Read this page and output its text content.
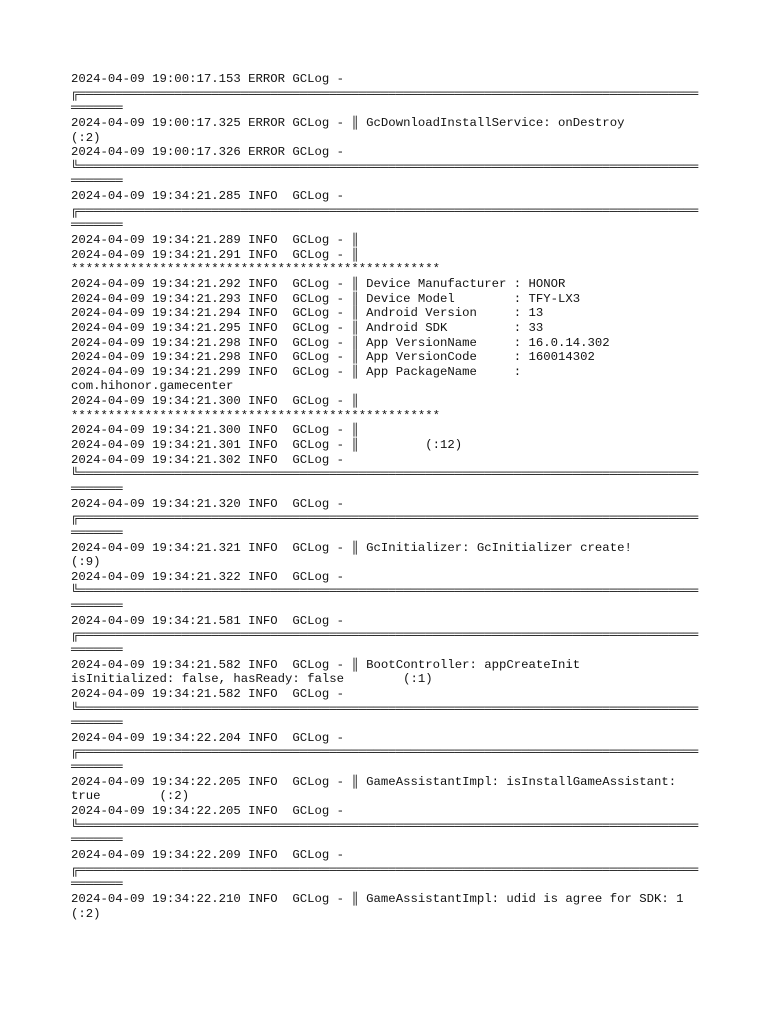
2024-04-09 19:00:17.153 ERROR GCLog -
╔════════════════════════════════════════════════════════════════════════════════════
═══════
2024-04-09 19:00:17.325 ERROR GCLog - ║ GcDownloadInstallService: onDestroy
(:2)
2024-04-09 19:00:17.326 ERROR GCLog -
╚════════════════════════════════════════════════════════════════════════════════════
═══════
2024-04-09 19:34:21.285 INFO  GCLog -
╔════════════════════════════════════════════════════════════════════════════════════
═══════
2024-04-09 19:34:21.289 INFO  GCLog - ║
2024-04-09 19:34:21.291 INFO  GCLog - ║
**************************************************
2024-04-09 19:34:21.292 INFO  GCLog - ║ Device Manufacturer : HONOR
2024-04-09 19:34:21.293 INFO  GCLog - ║ Device Model        : TFY-LX3
2024-04-09 19:34:21.294 INFO  GCLog - ║ Android Version     : 13
2024-04-09 19:34:21.295 INFO  GCLog - ║ Android SDK         : 33
2024-04-09 19:34:21.298 INFO  GCLog - ║ App VersionName     : 16.0.14.302
2024-04-09 19:34:21.298 INFO  GCLog - ║ App VersionCode     : 160014302
2024-04-09 19:34:21.299 INFO  GCLog - ║ App PackageName     :
com.hihonor.gamecenter
2024-04-09 19:34:21.300 INFO  GCLog - ║
**************************************************
2024-04-09 19:34:21.300 INFO  GCLog - ║
2024-04-09 19:34:21.301 INFO  GCLog - ║         (:12)
2024-04-09 19:34:21.302 INFO  GCLog -
╚════════════════════════════════════════════════════════════════════════════════════
═══════
2024-04-09 19:34:21.320 INFO  GCLog -
╔════════════════════════════════════════════════════════════════════════════════════
═══════
2024-04-09 19:34:21.321 INFO  GCLog - ║ GcInitializer: GcInitializer create!
(:9)
2024-04-09 19:34:21.322 INFO  GCLog -
╚════════════════════════════════════════════════════════════════════════════════════
═══════
2024-04-09 19:34:21.581 INFO  GCLog -
╔════════════════════════════════════════════════════════════════════════════════════
═══════
2024-04-09 19:34:21.582 INFO  GCLog - ║ BootController: appCreateInit
isInitialized: false, hasReady: false        (:1)
2024-04-09 19:34:21.582 INFO  GCLog -
╚════════════════════════════════════════════════════════════════════════════════════
═══════
2024-04-09 19:34:22.204 INFO  GCLog -
╔════════════════════════════════════════════════════════════════════════════════════
═══════
2024-04-09 19:34:22.205 INFO  GCLog - ║ GameAssistantImpl: isInstallGameAssistant:
true        (:2)
2024-04-09 19:34:22.205 INFO  GCLog -
╚════════════════════════════════════════════════════════════════════════════════════
═══════
2024-04-09 19:34:22.209 INFO  GCLog -
╔════════════════════════════════════════════════════════════════════════════════════
═══════
2024-04-09 19:34:22.210 INFO  GCLog - ║ GameAssistantImpl: udid is agree for SDK: 1
(:2)
